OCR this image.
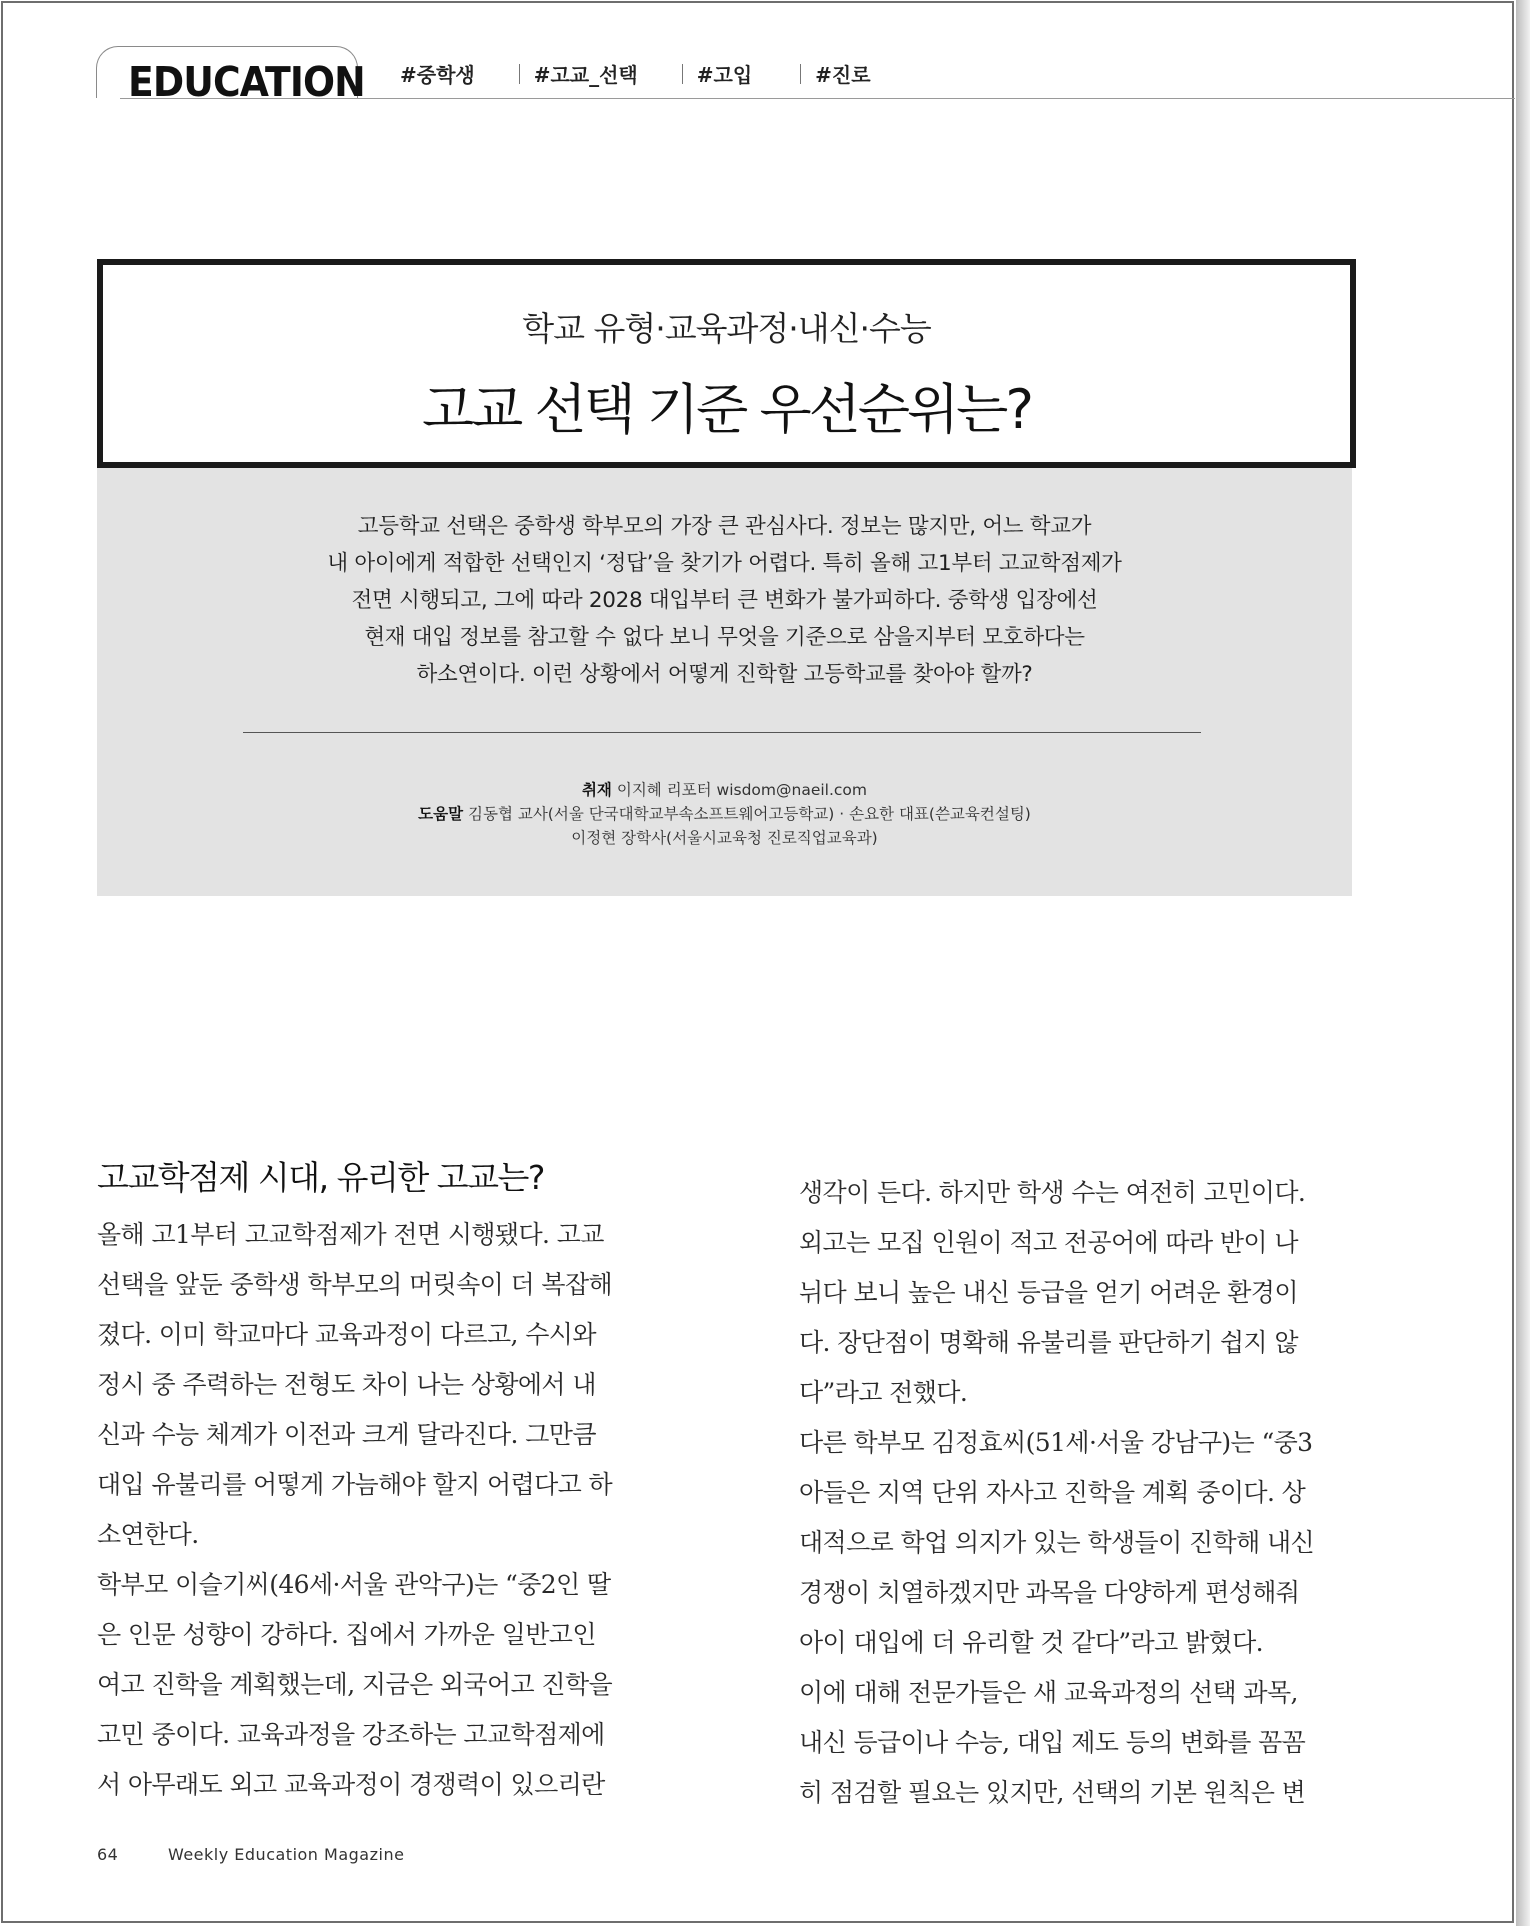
EDUCATION #중학생	#고교_선택	#고입	#진로
학교 유형·교육과정·내신·수능
고교 선택 기준 우선순위는?
고등학교 선택은 중학생 학부모의 가장 큰 관심사다. 정보는 많지만, 어느 학교가
내 아이에게 적합한 선택인지 ‘정답’을 찾기가 어렵다. 특히 올해 고1부터 고교학점제가
전면 시행되고, 그에 따라 2028 대입부터 큰 변화가 불가피하다. 중학생 입장에선
현재 대입 정보를 참고할 수 없다 보니 무엇을 기준으로 삼을지부터 모호하다는
하소연이다. 이런 상황에서 어떻게 진학할 고등학교를 찾아야 할까?
취재 이지혜 리포터 wisdom@naeil.com
도움말 김동협 교사(서울 단국대학교부속소프트웨어고등학교) · 손요한 대표(쓴교육컨설팅)
이정현 장학사(서울시교육청 진로직업교육과)
고교학점제 시대, 유리한 고교는?
올해 고1부터 고교학점제가 전면 시행됐다. 고교
선택을 앞둔 중학생 학부모의 머릿속이 더 복잡해
졌다. 이미 학교마다 교육과정이 다르고, 수시와
정시 중 주력하는 전형도 차이 나는 상황에서 내
신과 수능 체계가 이전과 크게 달라진다. 그만큼
대입 유불리를 어떻게 가늠해야 할지 어렵다고 하
소연한다.
학부모 이슬기씨(46세·서울 관악구)는 “중2인 딸
은 인문 성향이 강하다. 집에서 가까운 일반고인
여고 진학을 계획했는데, 지금은 외국어고 진학을
고민 중이다. 교육과정을 강조하는 고교학점제에
서 아무래도 외고 교육과정이 경쟁력이 있으리란
생각이 든다. 하지만 학생 수는 여전히 고민이다.
외고는 모집 인원이 적고 전공어에 따라 반이 나
뉘다 보니 높은 내신 등급을 얻기 어려운 환경이
다. 장단점이 명확해 유불리를 판단하기 쉽지 않
다”라고 전했다.
다른 학부모 김정효씨(51세·서울 강남구)는 “중3
아들은 지역 단위 자사고 진학을 계획 중이다. 상
대적으로 학업 의지가 있는 학생들이 진학해 내신
경쟁이 치열하겠지만 과목을 다양하게 편성해줘
아이 대입에 더 유리할 것 같다”라고 밝혔다.
이에 대해 전문가들은 새 교육과정의 선택 과목,
내신 등급이나 수능, 대입 제도 등의 변화를 꼼꼼
히 점검할 필요는 있지만, 선택의 기본 원칙은 변
64	Weekly Education Magazine
